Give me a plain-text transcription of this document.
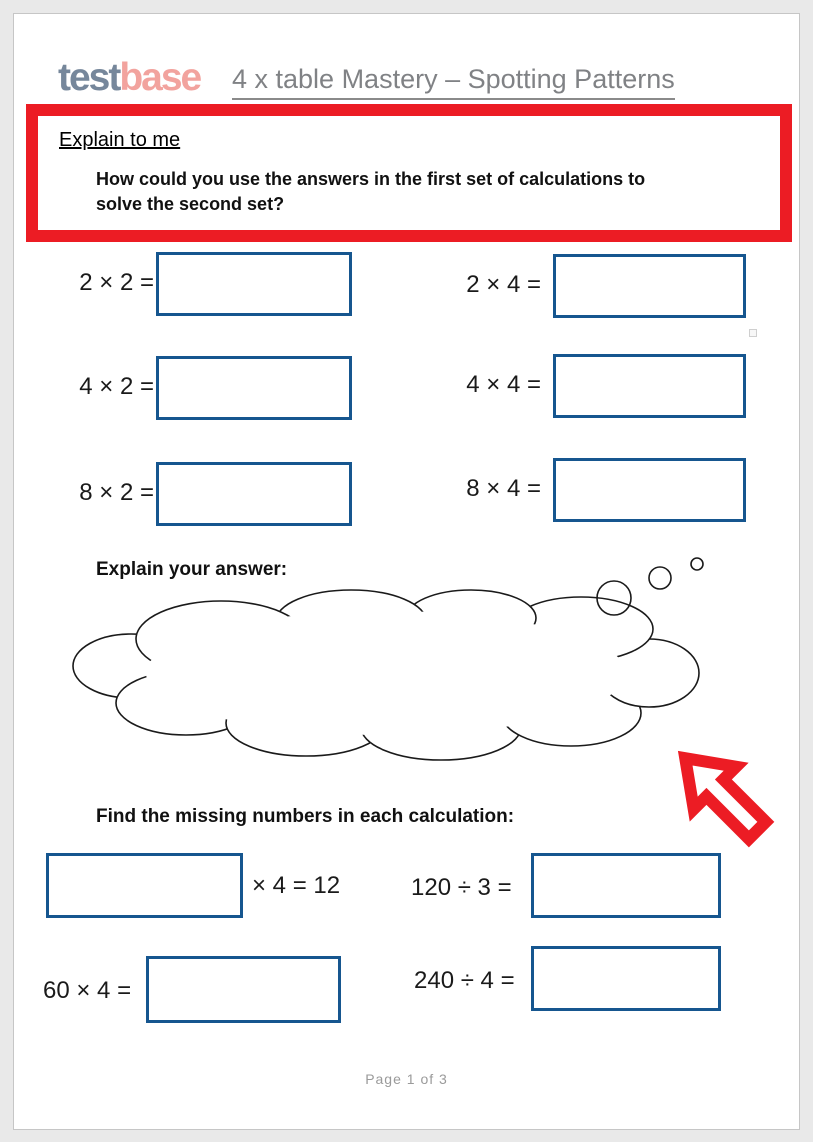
testbase 4 x table Mastery – Spotting Patterns
Explain to me
How could you use the answers in the first set of calculations to solve the second set?
2 × 2 =	2 × 4 =
4 × 2 =	4 × 4 =
8 × 2 =	8 × 4 =
Explain your answer:
Find the missing numbers in each calculation:
× 4 = 12	120 ÷ 3 =
60 × 4 =	240 ÷ 4 =
Page 1 of 3
